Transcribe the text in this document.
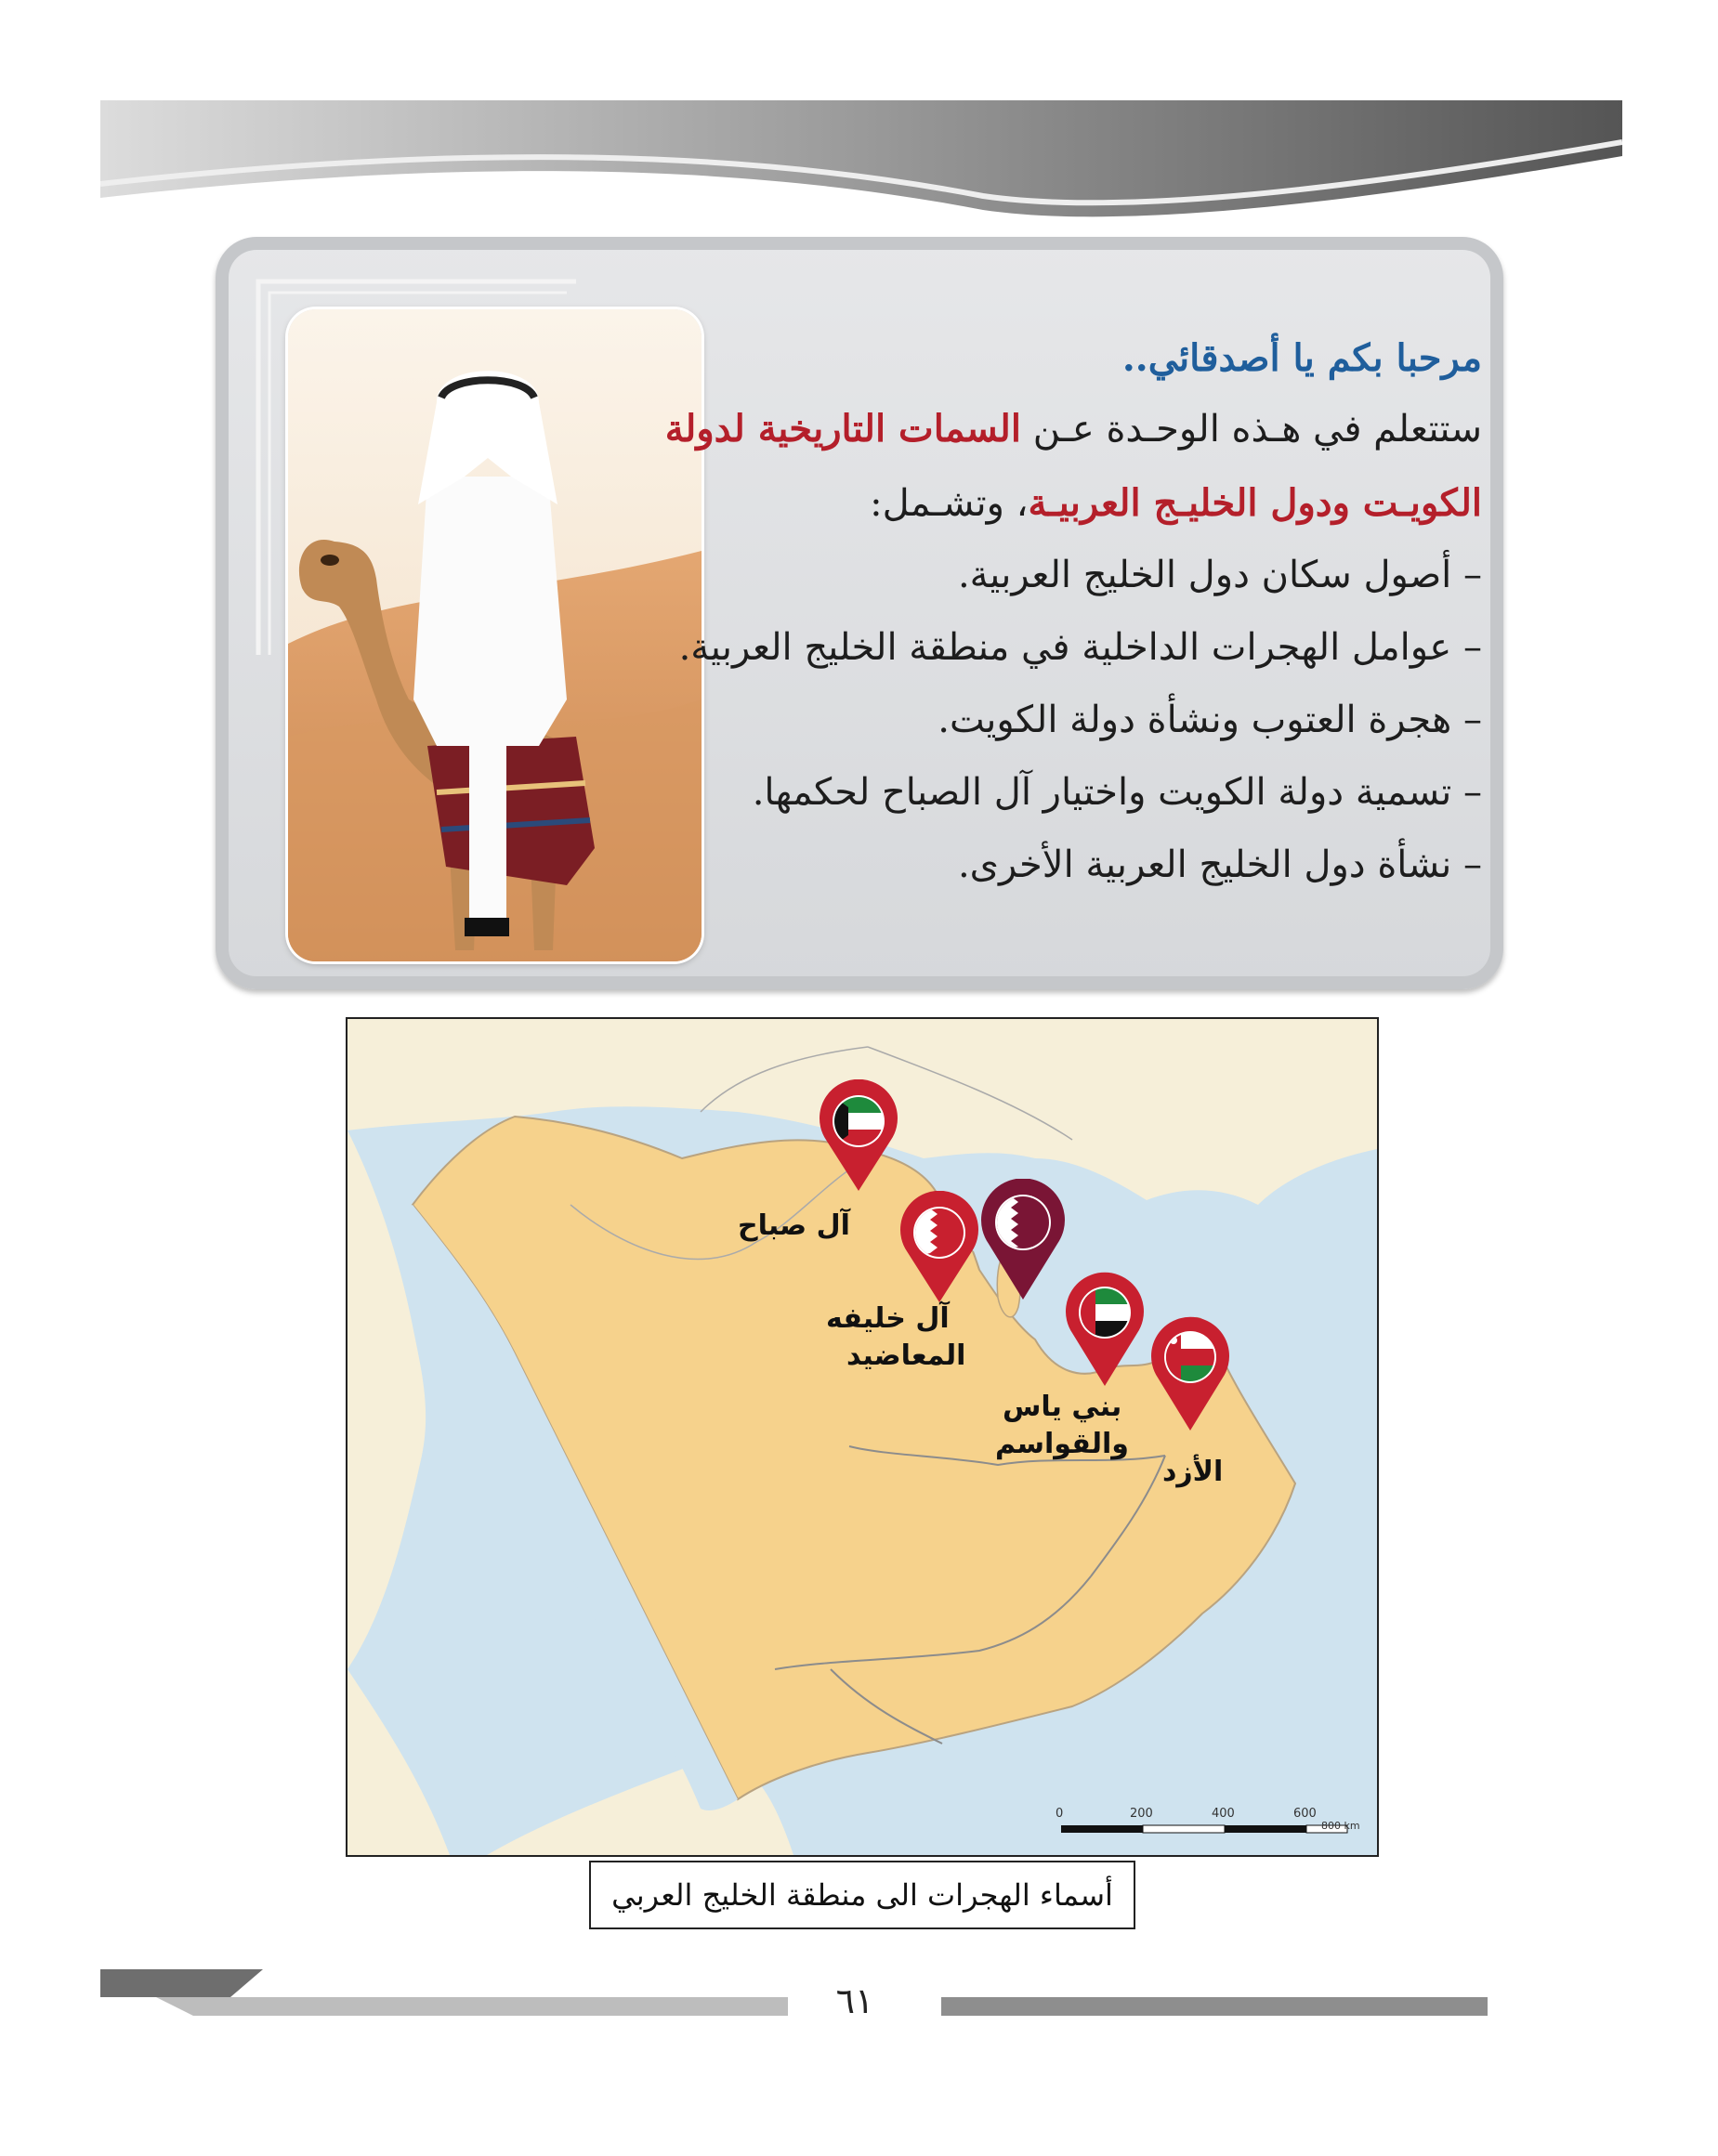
مرحبا بكم يا أصدقائي..
ستتعلم في هـذه الوحـدة عـن السمات التاريخية لدولة
الكويـت ودول الخليـج العربيـة، وتشـمل:
– أصول سكان دول الخليج العربية.
– عوامل الهجرات الداخلية في منطقة الخليج العربية.
– هجرة العتوب ونشأة دولة الكويت.
– تسمية دولة الكويت واختيار آل الصباح لحكمها.
– نشأة دول الخليج العربية الأخرى.
0	200	400	600
800 km
آل صباح
آل خليفه
المعاضيد
بني ياس
والقواسم
الأزد
أسماء الهجرات الى منطقة الخليج العربي
٦١
